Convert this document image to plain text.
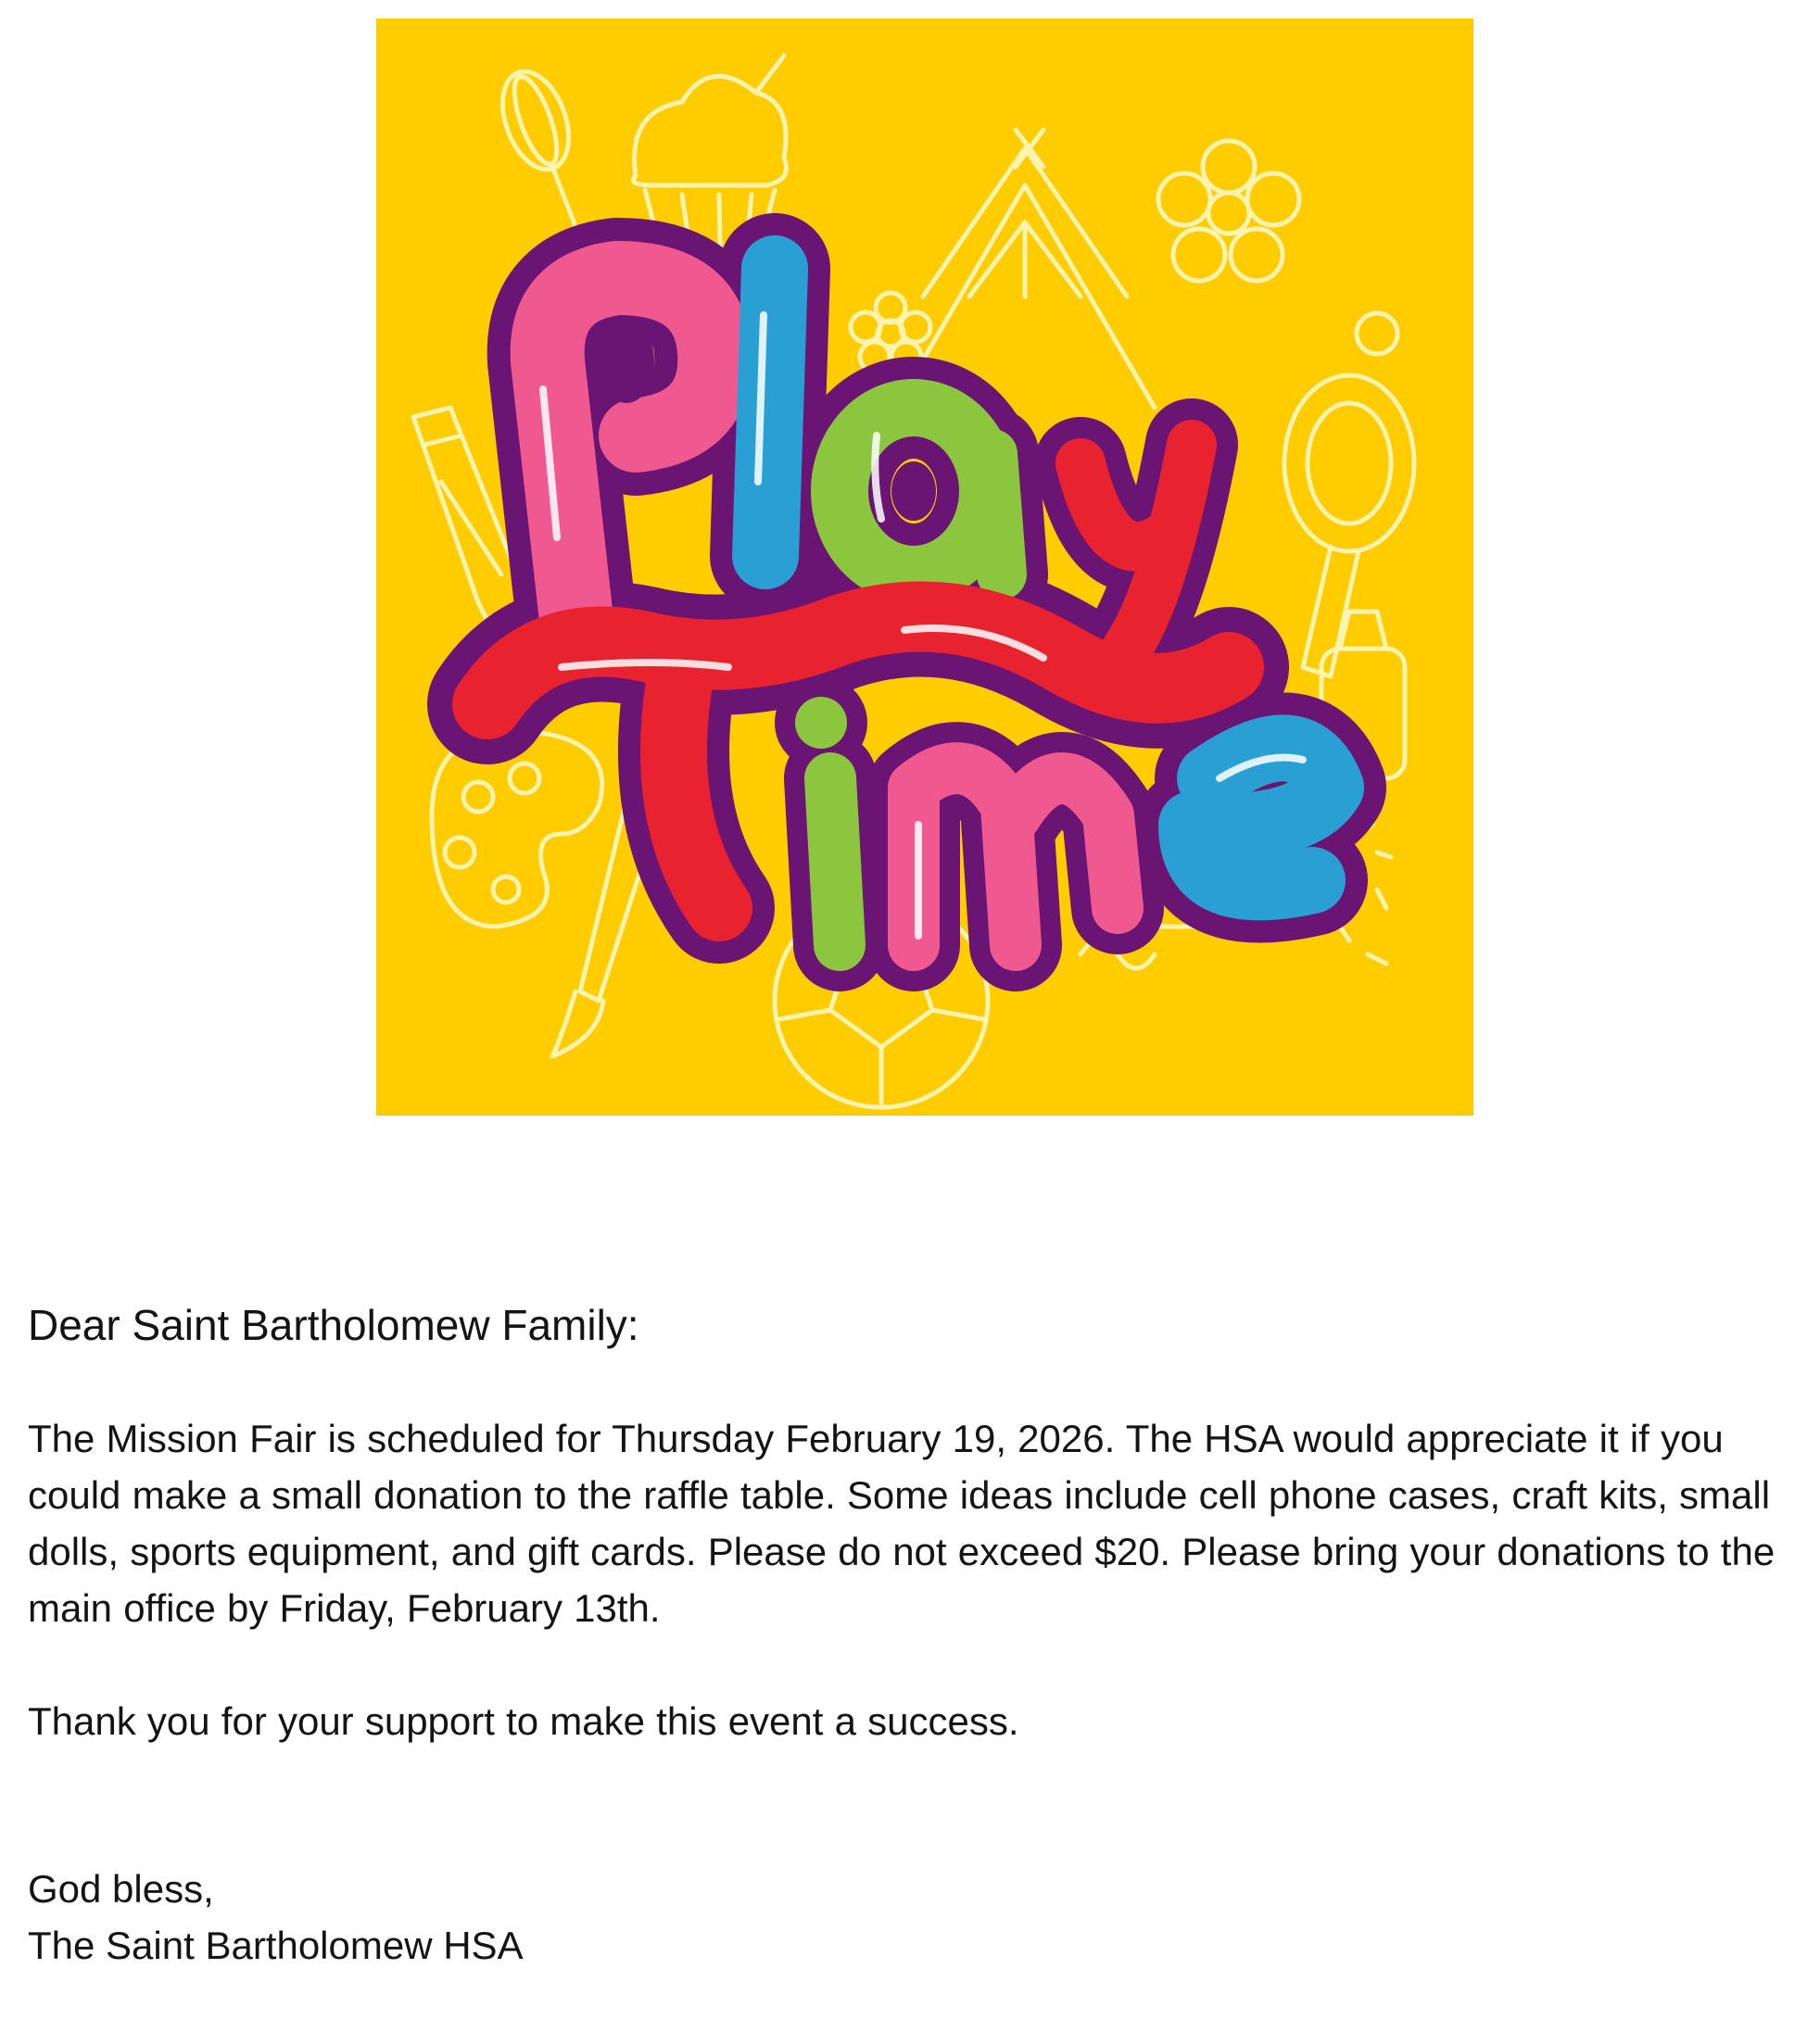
Dear Saint Bartholomew Family:

The Mission Fair is scheduled for Thursday February 19, 2026. The HSA would appreciate it if you could make a small donation to the raffle table. Some ideas include cell phone cases, craft kits, small dolls, sports equipment, and gift cards. Please do not exceed $20. Please bring your donations to the main office by Friday, February 13th.

Thank you for your support to make this event a success.

God bless,

The Saint Bartholomew HSA
